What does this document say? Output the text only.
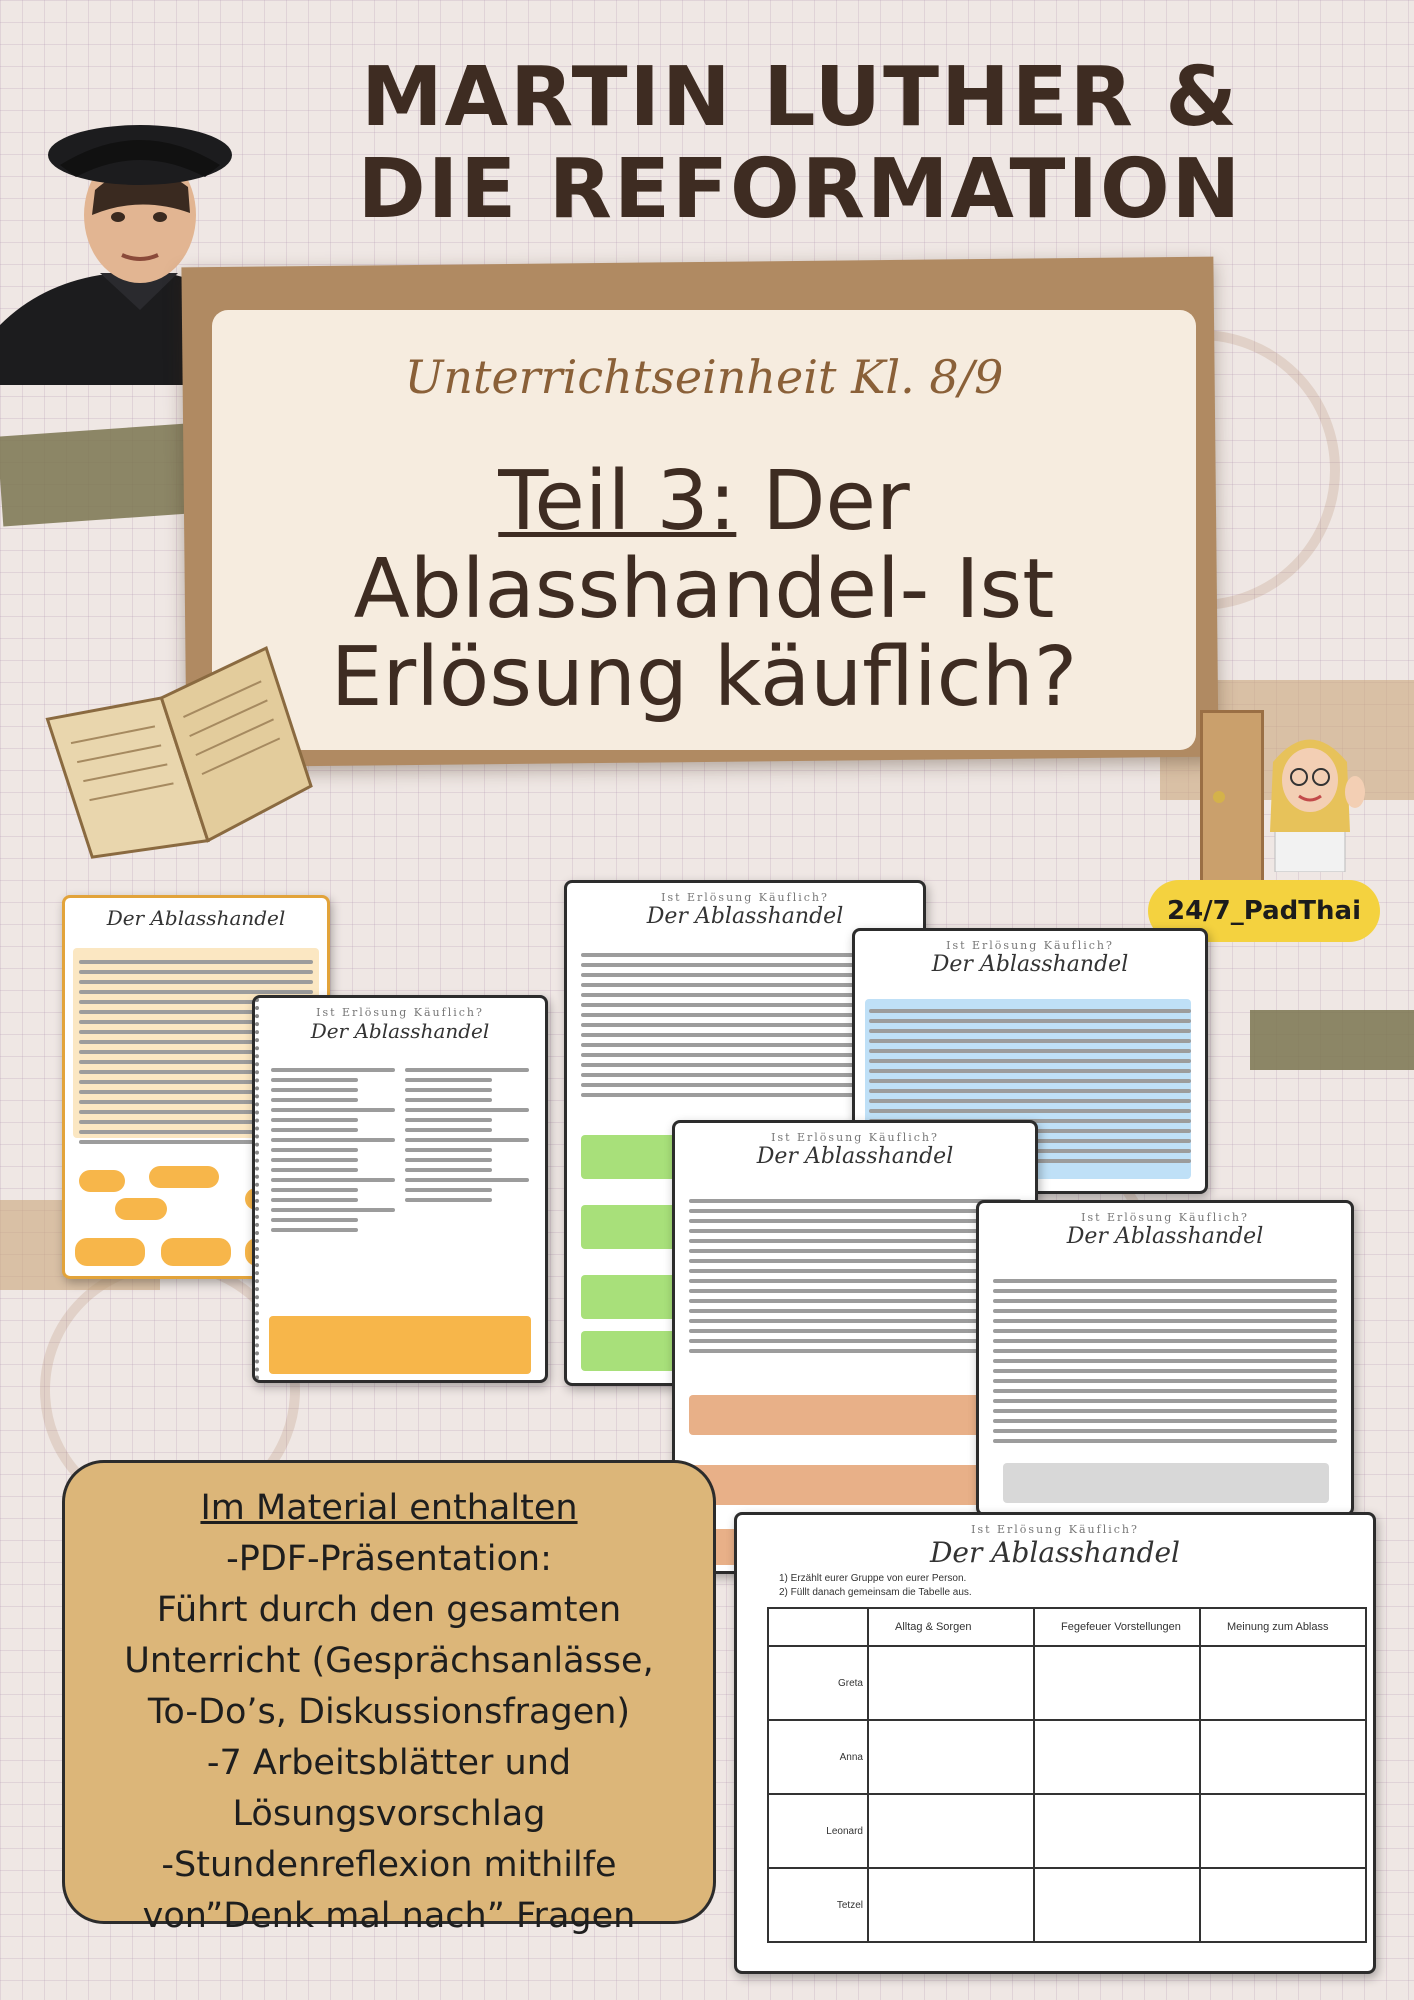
MARTIN LUTHER &
DIE REFORMATION
Unterrichtseinheit Kl. 8/9
Teil 3: Der
Ablasshandel- Ist
Erlösung käuflich?
24/7_PadThai
Der Ablasshandel
Ist Erlösung Käuflich?
Der Ablasshandel
Ist Erlösung Käuflich?
Der Ablasshandel
Ist Erlösung Käuflich?
Der Ablasshandel
Ist Erlösung Käuflich?
Der Ablasshandel
Ist Erlösung Käuflich?
Der Ablasshandel
Ist Erlösung Käuflich?
Der Ablasshandel
1) Erzählt eurer Gruppe von eurer Person.
2) Füllt danach gemeinsam die Tabelle aus.
	Alltag & Sorgen	Fegefeuer Vorstellungen	Meinung zum Ablass
Greta			
Anna			
Leonard			
Tetzel			
Im Material enthalten
-PDF-Präsentation:
Führt durch den gesamten
Unterricht (Gesprächsanlässe,
To-Do’s, Diskussionsfragen)
-7 Arbeitsblätter und
Lösungsvorschlag
-Stundenreflexion mithilfe
von”Denk mal nach” Fragen
